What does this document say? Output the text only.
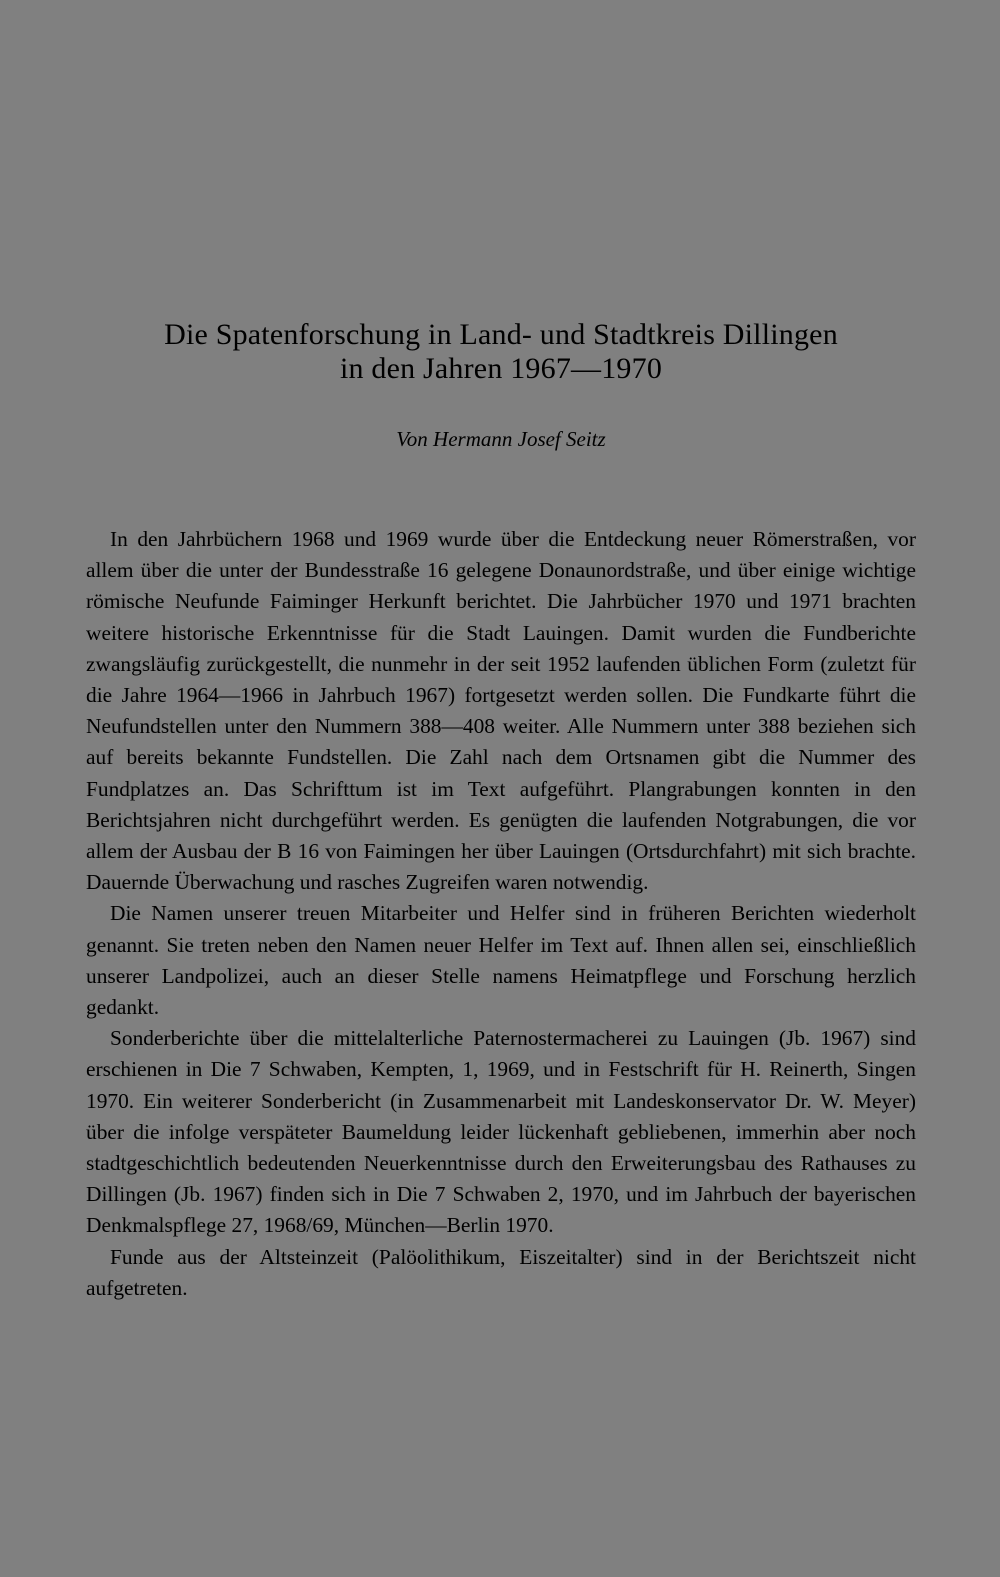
Die Spatenforschung in Land- und Stadtkreis Dillingen
in den Jahren 1967—1970

Von Hermann Josef Seitz

In den Jahrbüchern 1968 und 1969 wurde über die Entdeckung neuer Römerstraßen, vor allem über die unter der Bundesstraße 16 gelegene Donaunordstraße, und über einige wichtige römische Neufunde Faiminger Herkunft berichtet. Die Jahrbücher 1970 und 1971 brachten weitere historische Erkenntnisse für die Stadt Lauingen. Damit wurden die Fundberichte zwangsläufig zurückgestellt, die nunmehr in der seit 1952 laufenden üblichen Form (zuletzt für die Jahre 1964—1966 in Jahrbuch 1967) fortgesetzt werden sollen. Die Fundkarte führt die Neufundstellen unter den Nummern 388—408 weiter. Alle Nummern unter 388 beziehen sich auf bereits bekannte Fundstellen. Die Zahl nach dem Ortsnamen gibt die Nummer des Fundplatzes an. Das Schrifttum ist im Text aufgeführt. Plangrabungen konnten in den Berichtsjahren nicht durchgeführt werden. Es genügten die laufenden Notgrabungen, die vor allem der Ausbau der B 16 von Faimingen her über Lauingen (Ortsdurchfahrt) mit sich brachte. Dauernde Überwachung und rasches Zugreifen waren notwendig.

Die Namen unserer treuen Mitarbeiter und Helfer sind in früheren Berichten wiederholt genannt. Sie treten neben den Namen neuer Helfer im Text auf. Ihnen allen sei, einschließlich unserer Landpolizei, auch an dieser Stelle namens Heimatpflege und Forschung herzlich gedankt.

Sonderberichte über die mittelalterliche Paternostermacherei zu Lauingen (Jb. 1967) sind erschienen in Die 7 Schwaben, Kempten, 1, 1969, und in Festschrift für H. Reinerth, Singen 1970. Ein weiterer Sonderbericht (in Zusammenarbeit mit Landeskonservator Dr. W. Meyer) über die infolge verspäteter Baumeldung leider lückenhaft gebliebenen, immerhin aber noch stadtgeschichtlich bedeutenden Neuerkenntnisse durch den Erweiterungsbau des Rathauses zu Dillingen (Jb. 1967) finden sich in Die 7 Schwaben 2, 1970, und im Jahrbuch der bayerischen Denkmalspflege 27, 1968/69, München—Berlin 1970.

Funde aus der Altsteinzeit (Palöolithikum, Eiszeitalter) sind in der Berichtszeit nicht aufgetreten.
